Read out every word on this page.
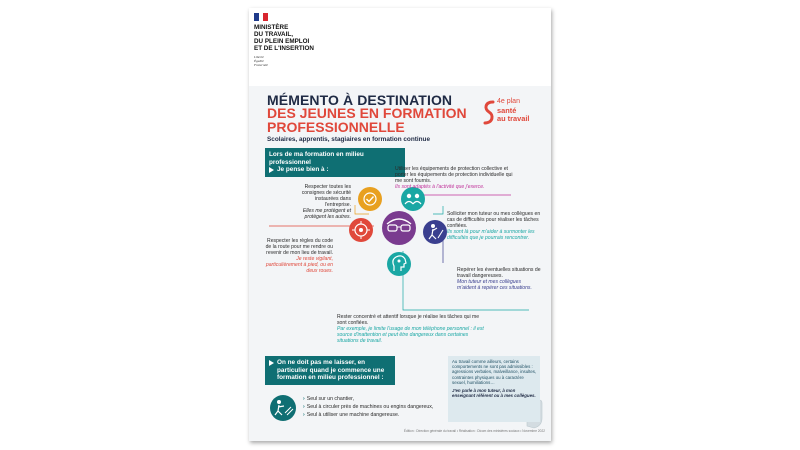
MINISTÈRE
DU TRAVAIL,
DU PLEIN EMPLOI
ET DE L'INSERTION
Liberté
Égalité
Fraternité
MÉMENTO À DESTINATION
DES JEUNES EN FORMATION
PROFESSIONNELLE
Scolaires, apprentis, stagiaires en formation continue
4e plan
santé
au travail
Lors de ma formation en milieu professionnel
Je pense bien à :
Respecter toutes les consignes de sécurité instaurées dans l'entreprise.
Elles me protègent et protègent les autres.
Utiliser les équipements de protection collective et porter les équipements de protection individuelle qui me sont fournis.
Ils sont adaptés à l'activité que j'exerce.
Solliciter mon tuteur ou mes collègues en cas de difficultés pour réaliser les tâches confiées.
Ils sont là pour m'aider à surmonter les difficultés que je pourrais rencontrer.
Respecter les règles du code de la route pour me rendre ou revenir de mon lieu de travail.
Je reste vigilant, particulièrement à pied, ou en deux roues.	Repérer les éventuelles situations de travail dangereuses.
Mon tuteur et mes collègues m'aident à repérer ces situations.
Rester concentré et attentif lorsque je réalise les tâches qui me sont confiées.
Par exemple, je limite l'usage de mon téléphone personnel : il est source d'inattention et peut être dangereux dans certaines situations de travail.
On ne doit pas me laisser, en particulier quand je commence une formation en milieu professionnel :
› Seul sur un chantier,
› Seul à circuler près de machines ou engins dangereux,
› Seul à utiliser une machine dangereuse.
Au travail comme ailleurs, certains comportements ne sont pas admissibles : agressions verbales, malveillance, insultes, contraintes physiques ou à caractère sexuel, humiliations…
J'en parle à mon tuteur, à mon enseignant référent ou à mes collègues.
Édition : Direction générale du travail • Réalisation : Dicom des ministères sociaux • Novembre 2022
